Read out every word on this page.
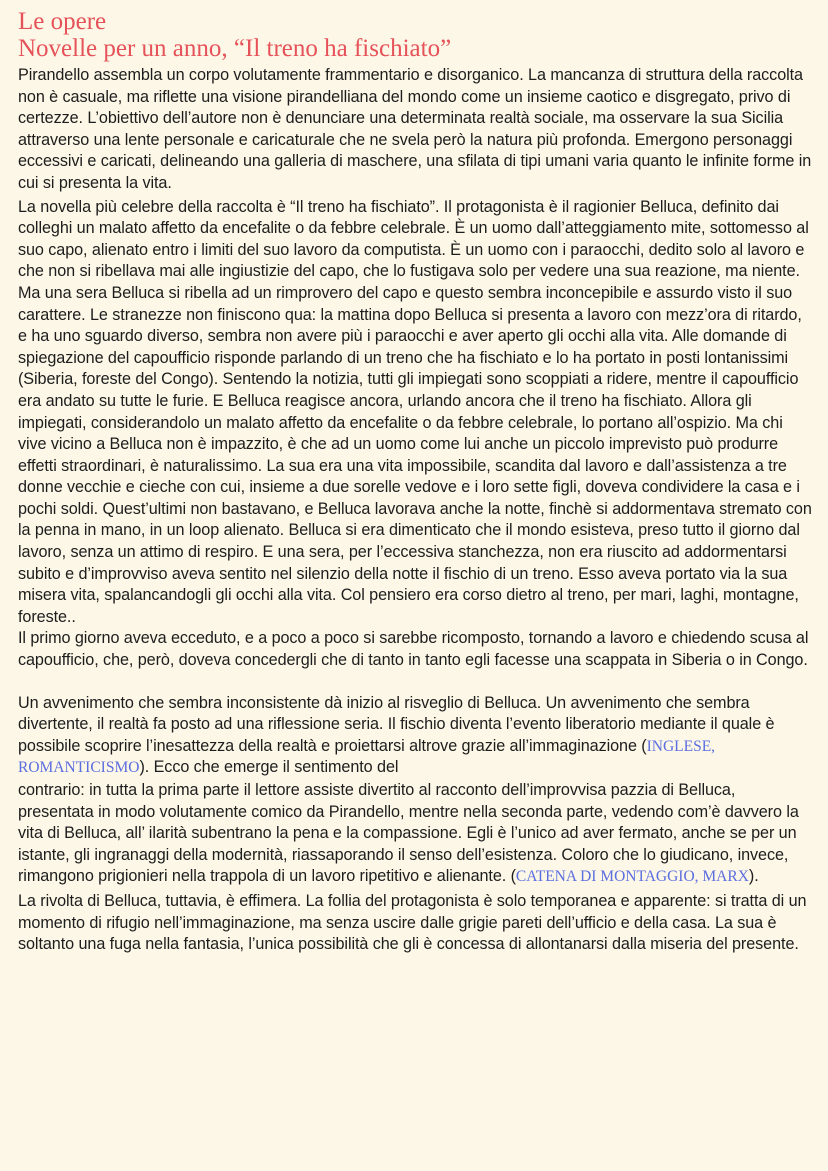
Le opere
Novelle per un anno, “Il treno ha fischiato”

Pirandello assembla un corpo volutamente frammentario e disorganico. La mancanza di struttura della raccolta non è casuale, ma riflette una visione pirandelliana del mondo come un insieme caotico e disgregato, privo di certezze. L’obiettivo dell’autore non è denunciare una determinata realtà sociale, ma osservare la sua Sicilia attraverso una lente personale e caricaturale che ne svela però la natura più profonda. Emergono personaggi eccessivi e caricati, delineando una galleria di maschere, una sfilata di tipi umani varia quanto le infinite forme in cui si presenta la vita.

La novella più celebre della raccolta è “Il treno ha fischiato”. Il protagonista è il ragionier Belluca, definito dai colleghi un malato affetto da encefalite o da febbre celebrale. È un uomo dall’atteggiamento mite, sottomesso al suo capo, alienato entro i limiti del suo lavoro da computista. È un uomo con i paraocchi, dedito solo al lavoro e che non si ribellava mai alle ingiustizie del capo, che lo fustigava solo per vedere una sua reazione, ma niente. Ma una sera Belluca si ribella ad un rimprovero del capo e questo sembra inconcepibile e assurdo visto il suo carattere. Le stranezze non finiscono qua: la mattina dopo Belluca si presenta a lavoro con mezz’ora di ritardo, e ha uno sguardo diverso, sembra non avere più i paraocchi e aver aperto gli occhi alla vita. Alle domande di spiegazione del capoufficio risponde parlando di un treno che ha fischiato e lo ha portato in posti lontanissimi (Siberia, foreste del Congo). Sentendo la notizia, tutti gli impiegati sono scoppiati a ridere, mentre il capoufficio era andato su tutte le furie. E Belluca reagisce ancora, urlando ancora che il treno ha fischiato. Allora gli impiegati, considerandolo un malato affetto da encefalite o da febbre celebrale, lo portano all’ospizio. Ma chi vive vicino a Belluca non è impazzito, è che ad un uomo come lui anche un piccolo imprevisto può produrre effetti straordinari, è naturalissimo. La sua era una vita impossibile, scandita dal lavoro e dall’assistenza a tre donne vecchie e cieche con cui, insieme a due sorelle vedove e i loro sette figli, doveva condividere la casa e i pochi soldi. Quest’ultimi non bastavano, e Belluca lavorava anche la notte, finchè si addormentava stremato con la penna in mano, in un loop alienato. Belluca si era dimenticato che il mondo esisteva, preso tutto il giorno dal lavoro, senza un attimo di respiro. E una sera, per l’eccessiva stanchezza, non era riuscito ad addormentarsi subito e d’improvviso aveva sentito nel silenzio della notte il fischio di un treno. Esso aveva portato via la sua misera vita, spalancandogli gli occhi alla vita. Col pensiero era corso dietro al treno, per mari, laghi, montagne, foreste..

Il primo giorno aveva ecceduto, e a poco a poco si sarebbe ricomposto, tornando a lavoro e chiedendo scusa al capoufficio, che, però, doveva concedergli che di tanto in tanto egli facesse una scappata in Siberia o in Congo.

Un avvenimento che sembra inconsistente dà inizio al risveglio di Belluca. Un avvenimento che sembra divertente, il realtà fa posto ad una riflessione seria. Il fischio diventa l’evento liberatorio mediante il quale è possibile scoprire l’inesattezza della realtà e proiettarsi altrove grazie all’immaginazione (INGLESE, ROMANTICISMO). Ecco che emerge il sentimento del

contrario: in tutta la prima parte il lettore assiste divertito al racconto dell’improvvisa pazzia di Belluca, presentata in modo volutamente comico da Pirandello, mentre nella seconda parte, vedendo com’è davvero la vita di Belluca, all’ ilarità subentrano la pena e la compassione. Egli è l’unico ad aver fermato, anche se per un istante, gli ingranaggi della modernità, riassaporando il senso dell’esistenza. Coloro che lo giudicano, invece, rimangono prigionieri nella trappola di un lavoro ripetitivo e alienante. (CATENA DI MONTAGGIO, MARX).

La rivolta di Belluca, tuttavia, è effimera. La follia del protagonista è solo temporanea e apparente: si tratta di un momento di rifugio nell’immaginazione, ma senza uscire dalle grigie pareti dell’ufficio e della casa. La sua è soltanto una fuga nella fantasia, l’unica possibilità che gli è concessa di allontanarsi dalla miseria del presente.
